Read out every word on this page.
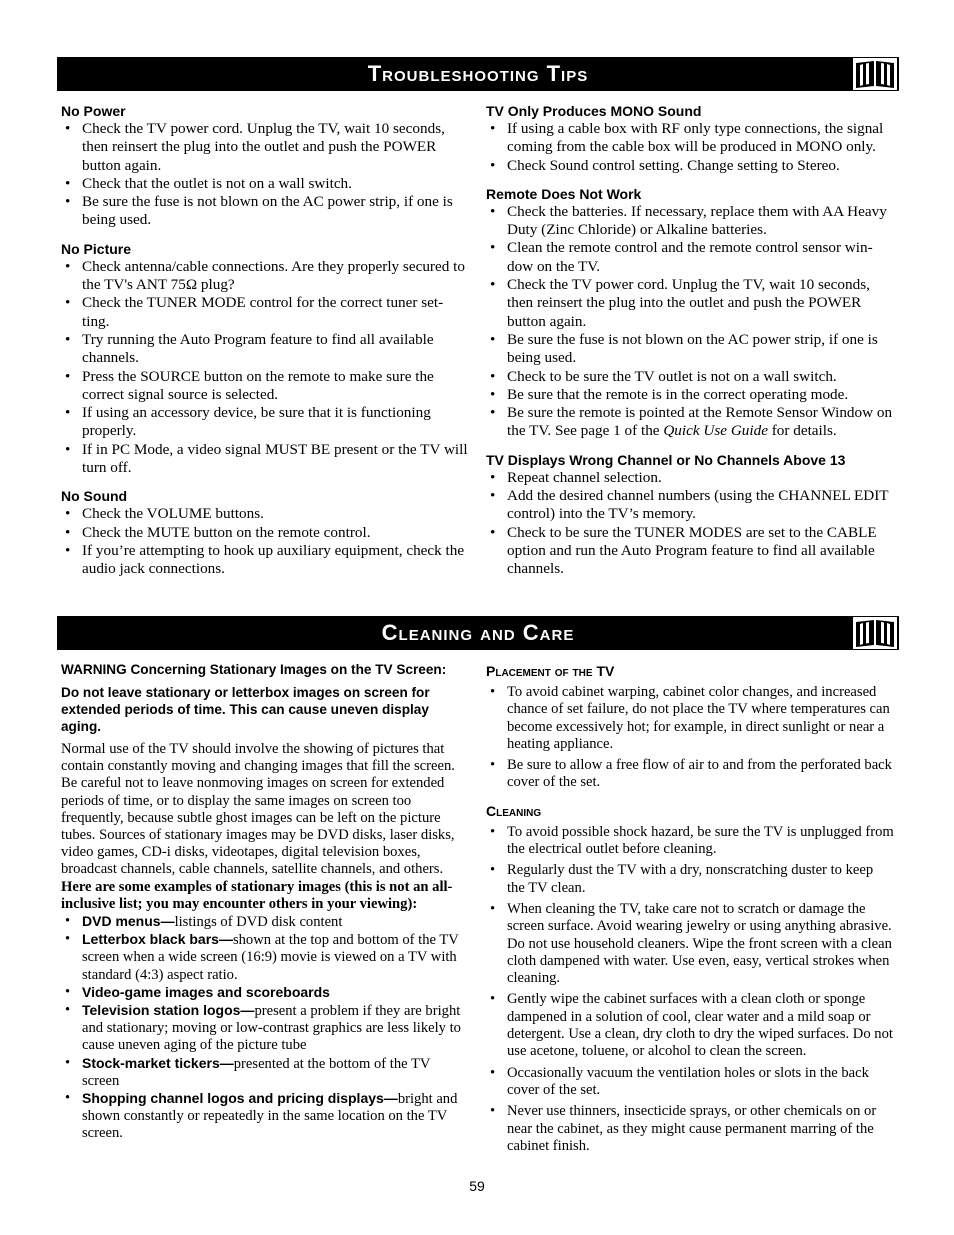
Troubleshooting Tips

No Power

• Check the TV power cord. Unplug the TV, wait 10 seconds, then reinsert the plug into the outlet and push the POWER button again.
• Check that the outlet is not on a wall switch.
• Be sure the fuse is not blown on the AC power strip, if one is being used.

No Picture

• Check antenna/cable connections. Are they properly secured to the TV's ANT 75Ω plug?
• Check the TUNER MODE control for the correct tuner set-ting.
• Try running the Auto Program feature to find all available channels.
• Press the SOURCE button on the remote to make sure the correct signal source is selected.
• If using an accessory device, be sure that it is functioning properly.
• If in PC Mode, a video signal MUST BE present or the TV will turn off.

No Sound

• Check the VOLUME buttons.
• Check the MUTE button on the remote control.
• If you’re attempting to hook up auxiliary equipment, check the audio jack connections.

TV Only Produces MONO Sound

• If using a cable box with RF only type connections, the signal coming from the cable box will be produced in MONO only.
• Check Sound control setting. Change setting to Stereo.

Remote Does Not Work

• Check the batteries. If necessary, replace them with AA Heavy Duty (Zinc Chloride) or Alkaline batteries.
• Clean the remote control and the remote control sensor win-dow on the TV.
• Check the TV power cord. Unplug the TV, wait 10 seconds, then reinsert the plug into the outlet and push the POWER button again.
• Be sure the fuse is not blown on the AC power strip, if one is being used.
• Check to be sure the TV outlet is not on a wall switch.
• Be sure that the remote is in the correct operating mode.
• Be sure the remote is pointed at the Remote Sensor Window on the TV. See page 1 of the Quick Use Guide for details.

TV Displays Wrong Channel or No Channels Above 13

• Repeat channel selection.
• Add the desired channel numbers (using the CHANNEL EDIT control) into the TV’s memory.
• Check to be sure the TUNER MODES are set to the CABLE option and run the Auto Program feature to find all available channels.
Cleaning and Care

WARNING Concerning Stationary Images on the TV Screen:

Do not leave stationary or letterbox images on screen for extended periods of time. This can cause uneven display aging.

Normal use of the TV should involve the showing of pictures that contain constantly moving and changing images that fill the screen. Be careful not to leave nonmoving images on screen for extended periods of time, or to display the same images on screen too frequently, because subtle ghost images can be left on the picture tubes. Sources of stationary images may be DVD disks, laser disks, video games, CD-i disks, videotapes, digital television boxes, broadcast channels, cable channels, satellite channels, and others. Here are some examples of stationary images (this is not an all-inclusive list; you may encounter others in your viewing):

• DVD menus—listings of DVD disk content
• Letterbox black bars—shown at the top and bottom of the TV screen when a wide screen (16:9) movie is viewed on a TV with standard (4:3) aspect ratio.
• Video-game images and scoreboards
• Television station logos—present a problem if they are bright and stationary; moving or low-contrast graphics are less likely to cause uneven aging of the picture tube
• Stock-market tickers—presented at the bottom of the TV screen
• Shopping channel logos and pricing displays—bright and shown constantly or repeatedly in the same location on the TV screen.

Placement of the TV

• To avoid cabinet warping, cabinet color changes, and increased chance of set failure, do not place the TV where temperatures can become excessively hot; for example, in direct sunlight or near a heating appliance.
• Be sure to allow a free flow of air to and from the perforated back cover of the set.

Cleaning

• To avoid possible shock hazard, be sure the TV is unplugged from the electrical outlet before cleaning.
• Regularly dust the TV with a dry, nonscratching duster to keep the TV clean.
• When cleaning the TV, take care not to scratch or damage the screen surface. Avoid wearing jewelry or using anything abrasive. Do not use household cleaners. Wipe the front screen with a clean cloth dampened with water. Use even, easy, vertical strokes when cleaning.
• Gently wipe the cabinet surfaces with a clean cloth or sponge dampened in a solution of cool, clear water and a mild soap or detergent. Use a clean, dry cloth to dry the wiped surfaces. Do not use acetone, toluene, or alcohol to clean the screen.
• Occasionally vacuum the ventilation holes or slots in the back cover of the set.
• Never use thinners, insecticide sprays, or other chemicals on or near the cabinet, as they might cause permanent marring of the cabinet finish.
59
